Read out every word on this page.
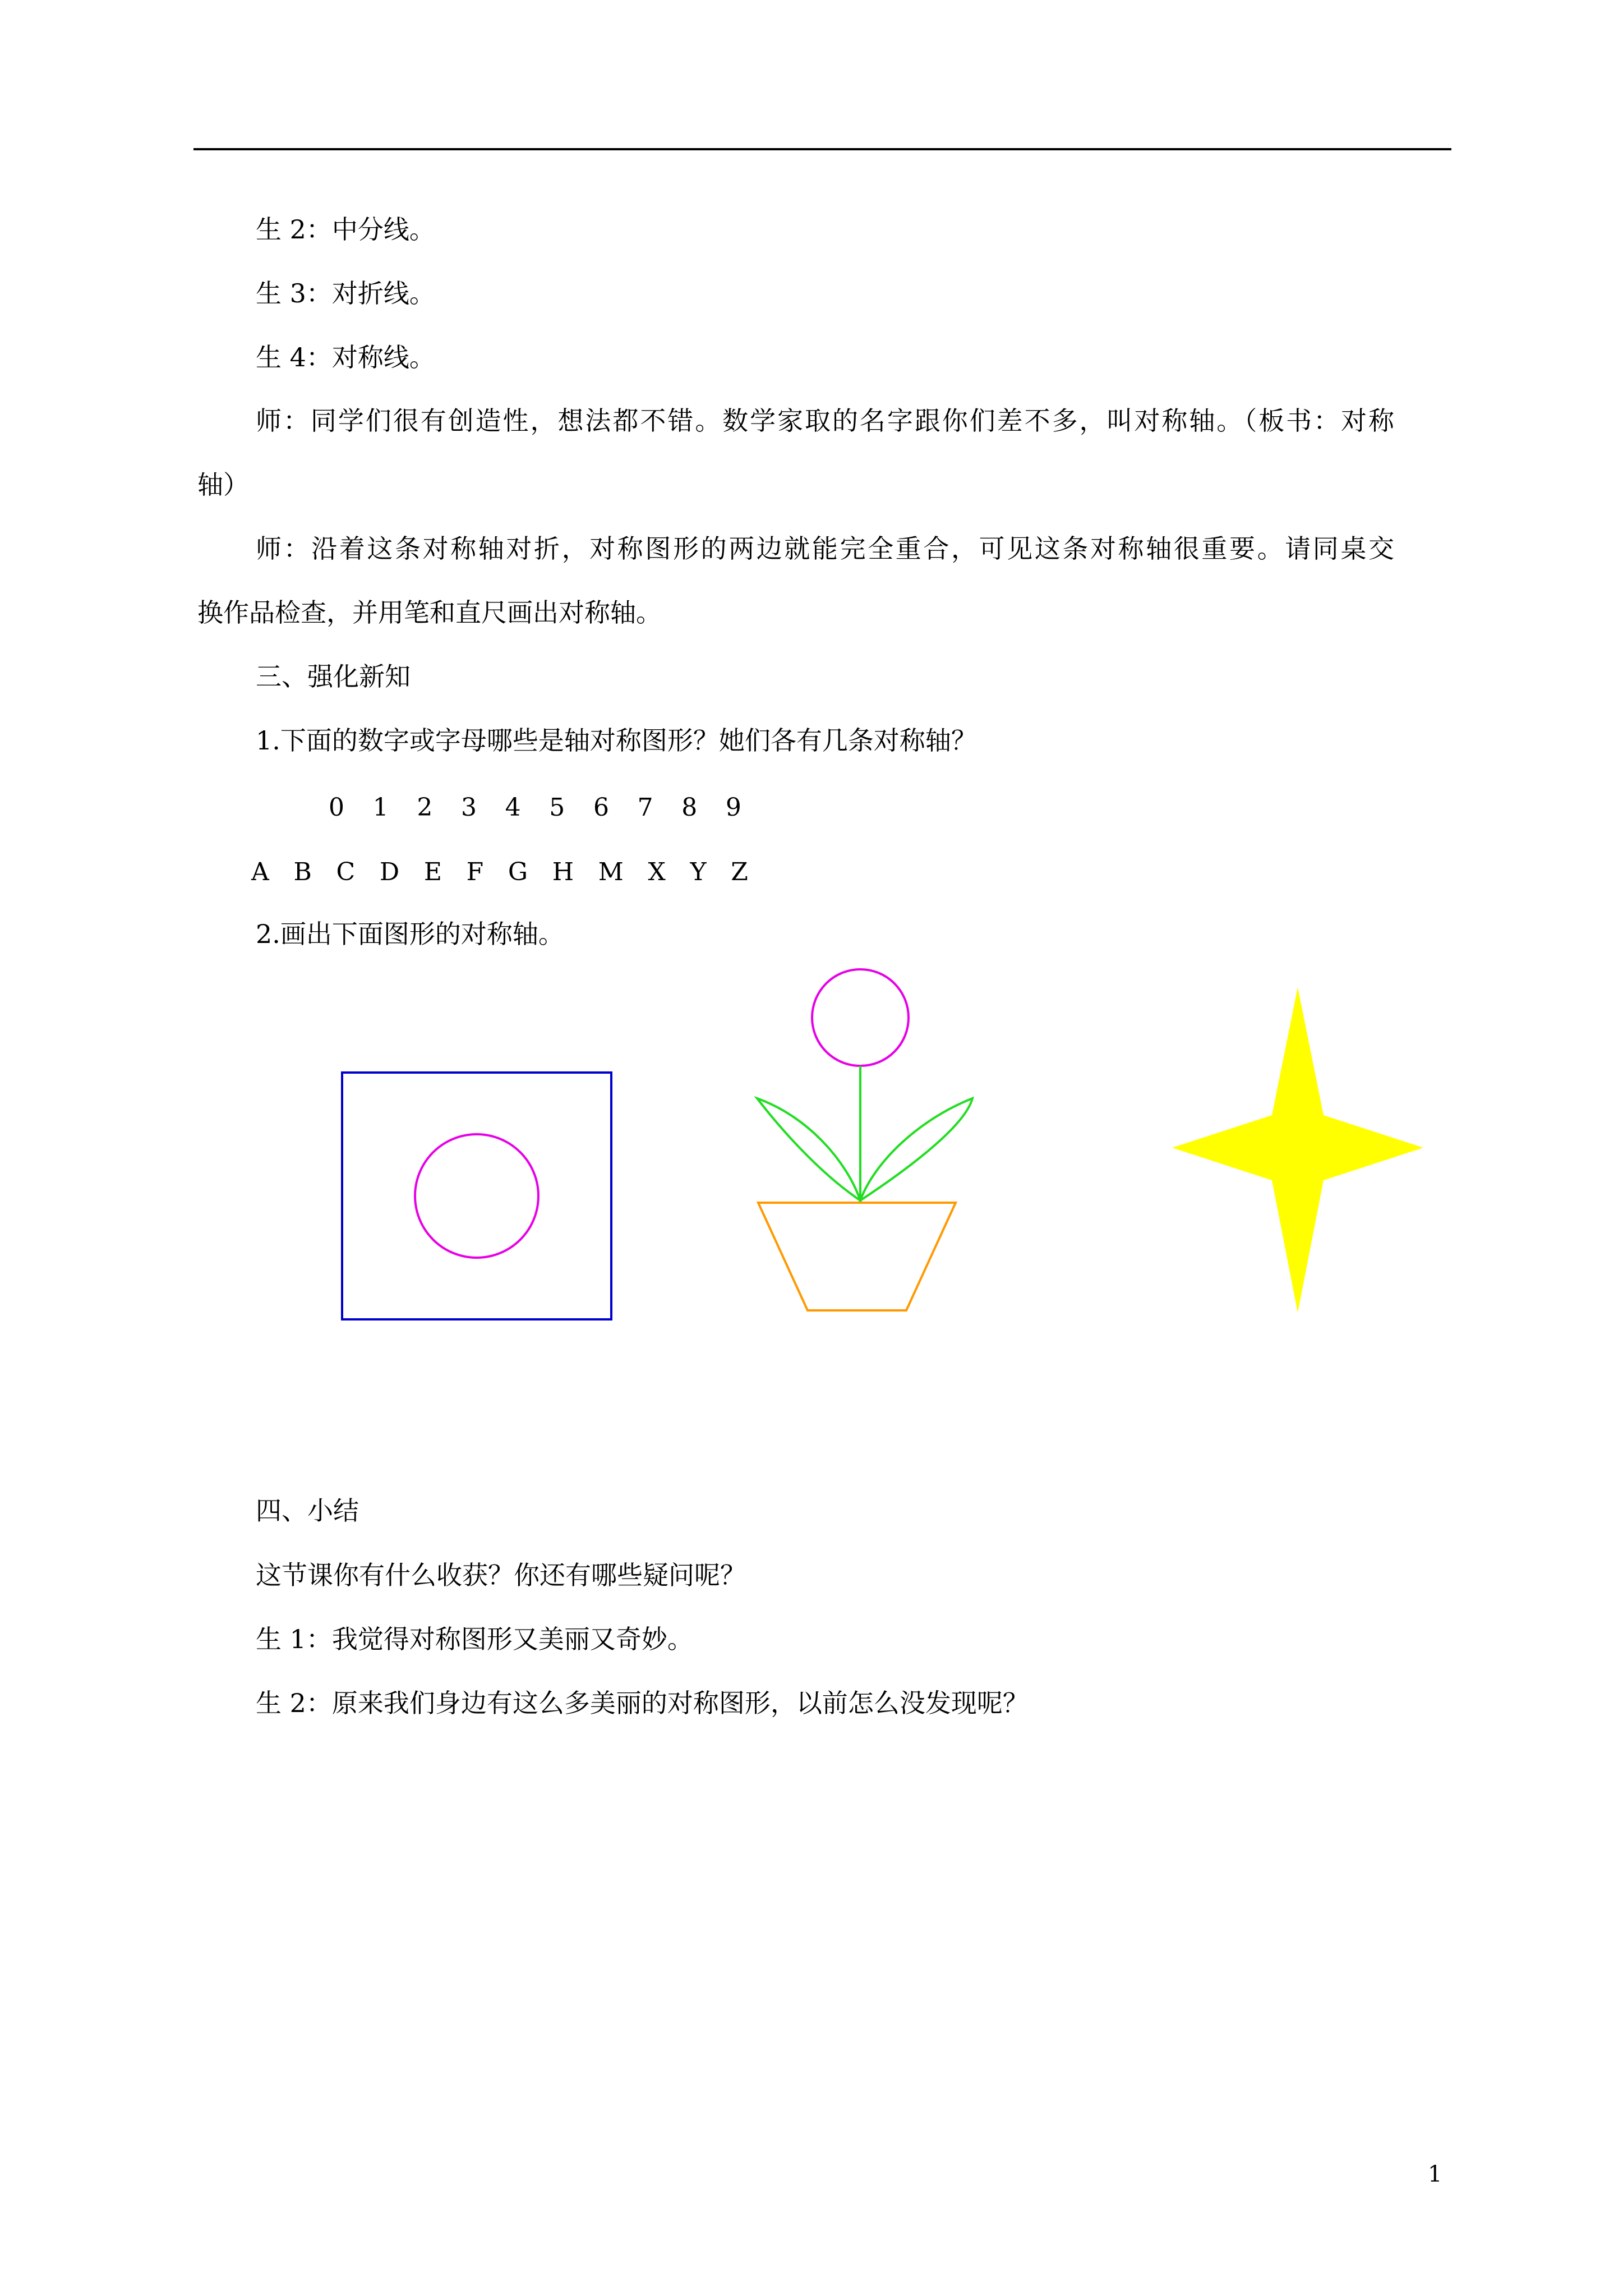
生 2：中分线。
生 3：对折线。
生 4：对称线。
师：同学们很有创造性，想法都不错。数学家取的名字跟你们差不多，叫对称轴。（板书：对称
轴）
师：沿着这条对称轴对折，对称图形的两边就能完全重合，可见这条对称轴很重要。请同桌交
换作品检查，并用笔和直尺画出对称轴。
三、强化新知
1.下面的数字或字母哪些是轴对称图形？她们各有几条对称轴？
0 1 2 3 4 5 6 7 8 9
A B C D E F G H M X Y Z
2.画出下面图形的对称轴。
四、小结
这节课你有什么收获？你还有哪些疑问呢？
生 1：我觉得对称图形又美丽又奇妙。
生 2：原来我们身边有这么多美丽的对称图形，以前怎么没发现呢？
1
